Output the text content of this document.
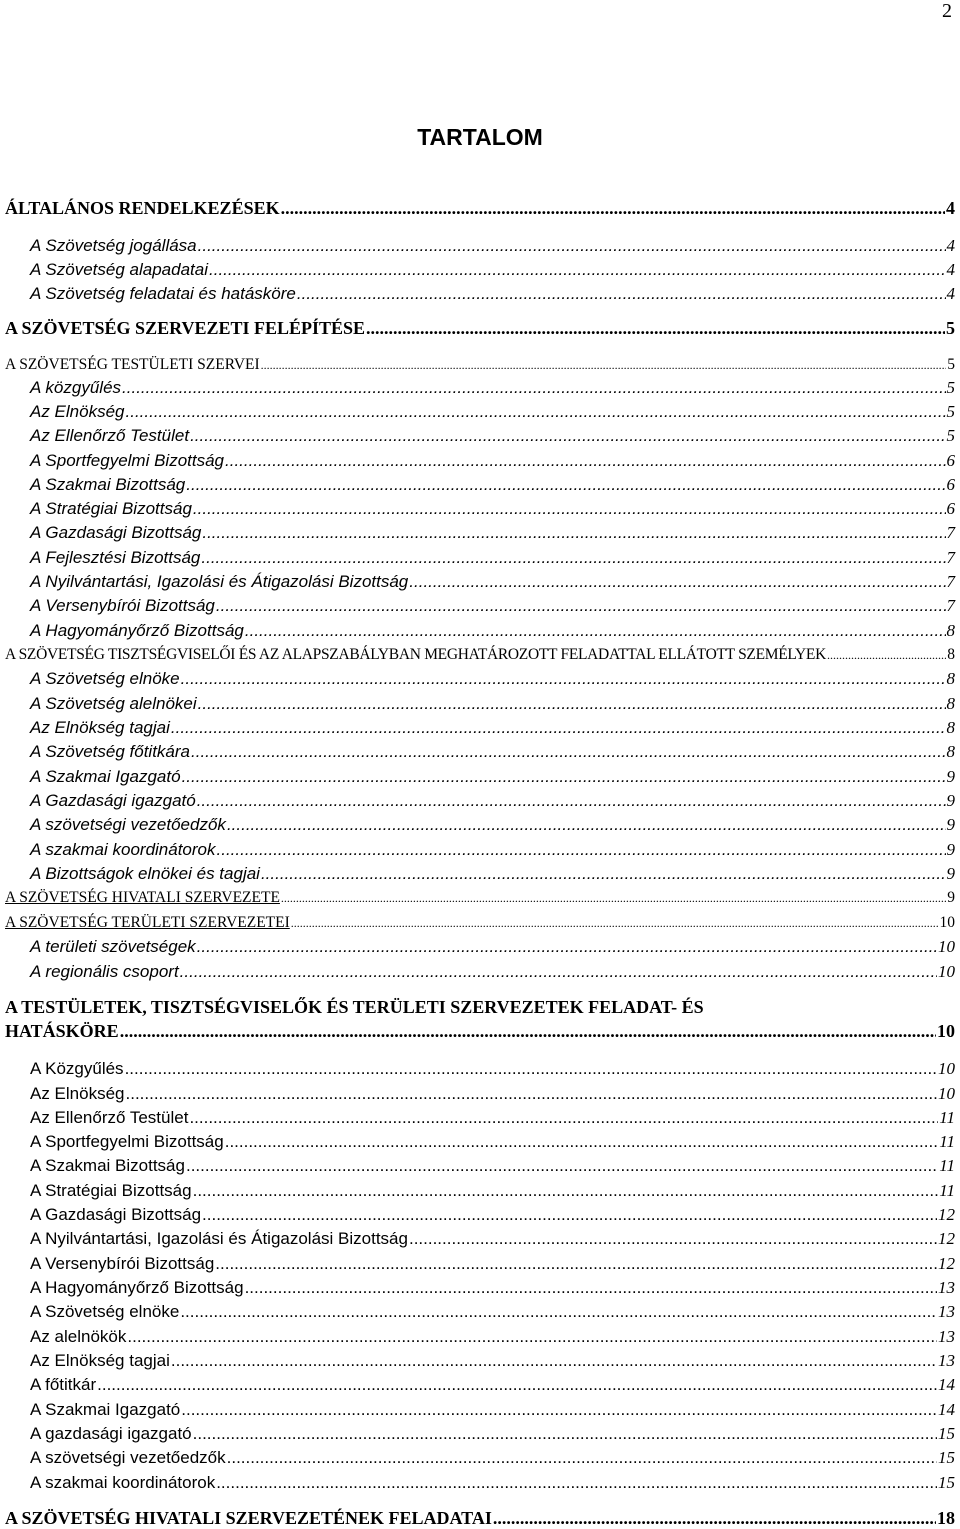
2
TARTALOM
ÁLTALÁNOS RENDELKEZÉSEK .....	4
A Szövetség jogállása .....	4
A Szövetség alapadatai .....	4
A Szövetség feladatai és hatásköre .....	4
A SZÖVETSÉG SZERVEZETI FELÉPÍTÉSE .....	5
A SZÖVETSÉG TESTÜLETI SZERVEI .....	5
A közgyűlés .....	5
Az Elnökség .....	5
Az Ellenőrző Testület .....	5
A Sportfegyelmi Bizottság .....	6
A Szakmai Bizottság .....	6
A Stratégiai Bizottság .....	6
A Gazdasági Bizottság .....	7
A Fejlesztési Bizottság .....	7
A Nyilvántartási, Igazolási és Átigazolási Bizottság .....	7
A Versenybírói Bizottság .....	7
A Hagyományőrző Bizottság .....	8
A SZÖVETSÉG TISZTSÉGVISELŐI ÉS AZ ALAPSZABÁLYBAN MEGHATÁROZOTT FELADATTAL ELLÁTOTT SZEMÉLYEK .....	8
A Szövetség elnöke .....	8
A Szövetség alelnökei .....	8
Az Elnökség tagjai .....	8
A Szövetség főtitkára .....	8
A Szakmai Igazgató .....	9
A Gazdasági igazgató .....	9
A szövetségi vezetőedzők .....	9
A szakmai koordinátorok .....	9
A Bizottságok elnökei és tagjai .....	9
A SZÖVETSÉG HIVATALI SZERVEZETE .....	9
A SZÖVETSÉG TERÜLETI SZERVEZETEI .....	10
A területi szövetségek .....	10
A regionális csoport .....	10
A TESTÜLETEK, TISZTSÉGVISELŐK ÉS TERÜLETI SZERVEZETEK FELADAT- ÉS
HATÁSKÖRE .....	10
A Közgyűlés .....	10
Az Elnökség .....	10
Az Ellenőrző Testület .....	11
A Sportfegyelmi Bizottság .....	11
A Szakmai Bizottság .....	11
A Stratégiai Bizottság .....	11
A Gazdasági Bizottság .....	12
A Nyilvántartási, Igazolási és Átigazolási Bizottság .....	12
A Versenybírói Bizottság .....	12
A Hagyományőrző Bizottság .....	13
A Szövetség elnöke .....	13
Az alelnökök .....	13
Az Elnökség tagjai .....	13
A főtitkár .....	14
A Szakmai Igazgató .....	14
A gazdasági igazgató .....	15
A szövetségi vezetőedzők .....	15
A szakmai koordinátorok .....	15
A SZÖVETSÉG HIVATALI SZERVEZETÉNEK FELADATAI .....	18
